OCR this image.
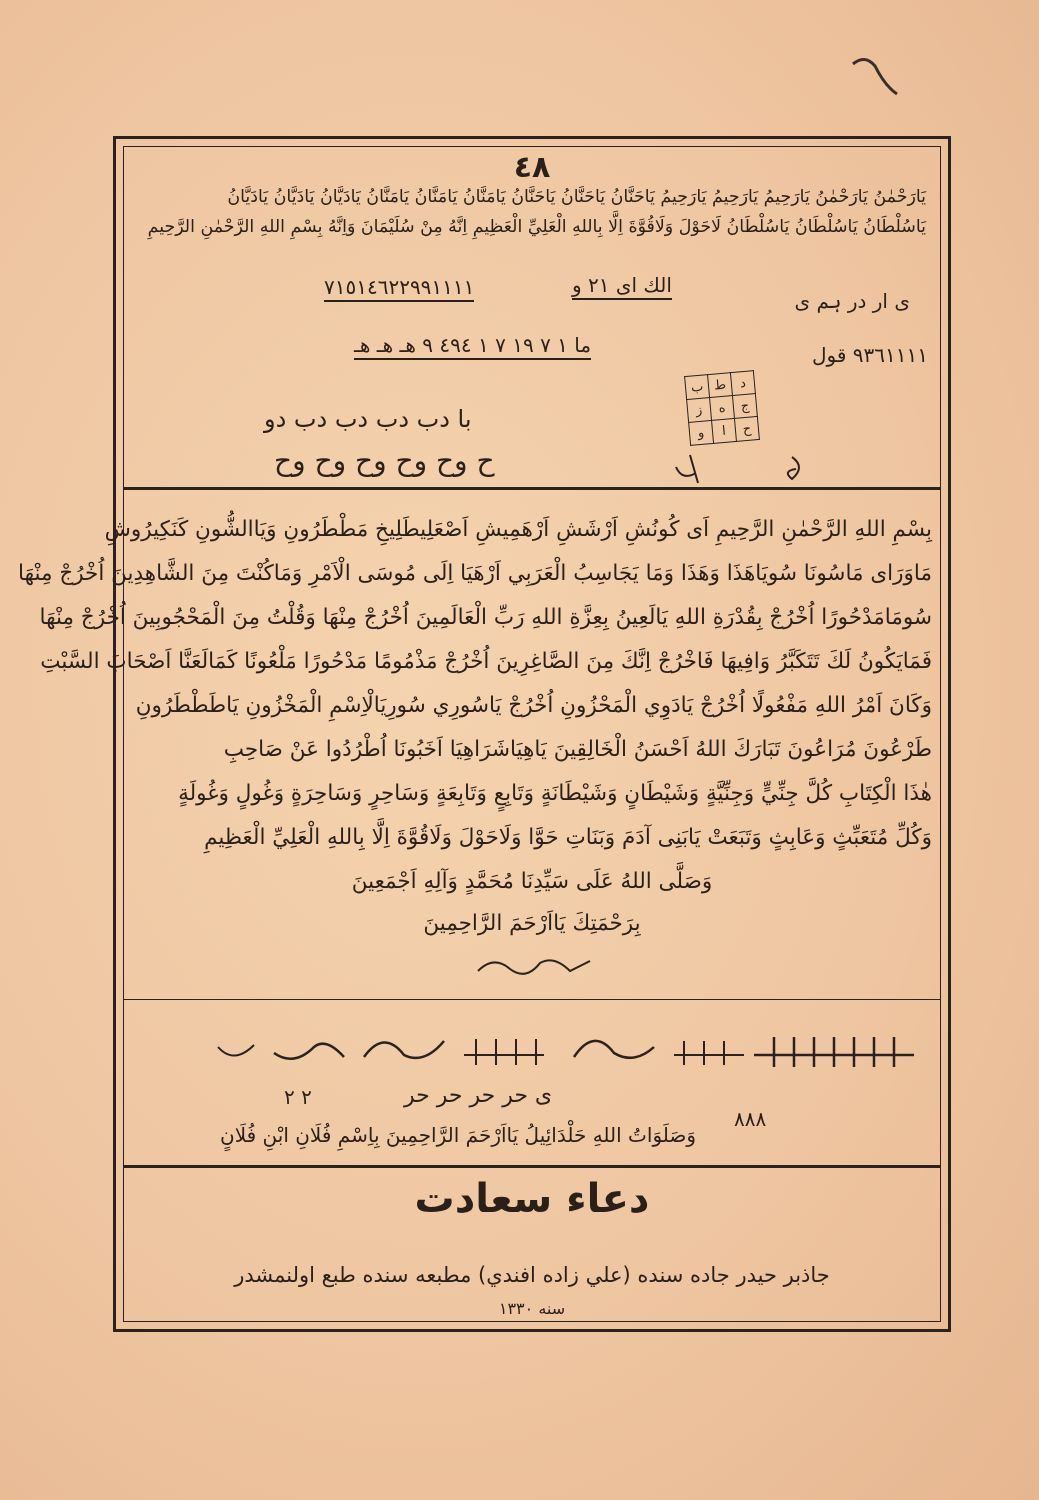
٤٨
يَارَحْمٰنُ يَارَحْمٰنُ يَارَحِيمُ يَارَحِيمُ يَارَحِيمُ يَاحَنَّانُ يَاحَنَّانُ يَاحَنَّانُ يَامَنَّانُ يَامَنَّانُ يَامَنَّانُ يَادَيَّانُ يَادَيَّانُ يَادَيَّانُ
يَاسُلْطَانُ يَاسُلْطَانُ يَاسُلْطَانُ لَاحَوْلَ وَلَاقُوَّةَ اِلَّا بِاللهِ الْعَلِيِّ الْعَظِيمِ اِنَّهُ مِنْ سُلَيْمَانَ وَاِنَّهُ بِسْمِ اللهِ الرَّحْمٰنِ الرَّحِيمِ
٧١٥١٤٦٢٢٩٩١١١١	الك اى ٢١ و
ى ار در ہم ى
ما ١ ٧ ١٩ ٧ ١ ٤٩٤ ٩ هـ هـ هـ	٩٣٦١١١١ قول
ب	ط	د
ز	ه	ج
و	ا	ح
با دب دب دب دب دو
ح وح وح وح وح وح
بِسْمِ اللهِ الرَّحْمٰنِ الرَّحِيمِ اَى كُونُشِ اَرْشَشِ اَرْهَمِيشِ اَصْعَلِيطَلِيخِ مَطْطَرُونِ وَيَاالشُّونِ كَنَكِيرُوشِ
مَاوَرَاى مَاسُونَا سُويَاهَذَا وَهَذَا وَمَا يَجَاسِبُ الْعَرَبِي اَرْهَيَا اِلَى مُوسَى الْاَمْرِ وَمَاكُنْتَ مِنَ الشَّاهِدِينَ اُخْرُجْ مِنْهَا
سُومَامَدْحُورًا اُخْرُجْ بِقُدْرَةِ اللهِ يَالَعِينُ بِعِزَّةِ اللهِ رَبِّ الْعَالَمِينَ اُخْرُجْ مِنْهَا وَقُلْتُ مِنَ الْمَحْجُوبِينَ اُخْرُجْ مِنْهَا
فَمَايَكُونُ لَكَ تَتَكَبَّرُ وَافِيهَا فَاخْرُجْ اِنَّكَ مِنَ الصَّاغِرِينَ اُخْرُجْ مَذْمُومًا مَدْحُورًا مَلْعُونًا كَمَالَعَنَّا اَصْحَابَ السَّبْتِ
وَكَانَ اَمْرُ اللهِ مَفْعُولًا اُخْرُجْ يَادَوِي الْمَحْزُونِ اُخْرُجْ يَاسُورِي سُورِيَالْاِسْمِ الْمَخْزُونِ يَاطَطْطَرُونِ
طَرْعُونَ مُرَاعُونَ تَبَارَكَ اللهُ اَحْسَنُ الْخَالِقِينَ يَاهِيَاشَرَاهِيَا اَخَبُونَا اُطْرُدُوا عَنْ صَاحِبِ
هٰذَا الْكِتَابِ كُلَّ جِنِّيٍّ وَجِنِّيَّةٍ وَشَيْطَانٍ وَشَيْطَانَةٍ وَتَابِعٍ وَتَابِعَةٍ وَسَاحِرٍ وَسَاحِرَةٍ وَغُولٍ وَغُولَةٍ
وَكُلِّ مُتَعَبِّثٍ وَعَابِثٍ وَتَبَعَتْ يَابَنِى آدَمَ وَبَنَاتِ حَوَّا وَلَاحَوْلَ وَلَاقُوَّةَ اِلَّا بِاللهِ الْعَلِيِّ الْعَظِيمِ
وَصَلَّى اللهُ عَلَى سَيِّدِنَا مُحَمَّدٍ وَآلِهِ اَجْمَعِينَ
بِرَحْمَتِكَ يَااَرْحَمَ الرَّاحِمِينَ
٢ ٢	ى حر حر حر حر
٨٨٨
وَصَلَوَاتُ اللهِ حَلْدَائِيلُ يَااَرْحَمَ الرَّاحِمِينَ بِاِسْمِ فُلَانِ ابْنِ فُلَانٍ
دعاء سعادت
جاذبر حيدر جاده سنده (علي زاده افندي) مطبعه سنده طبع اولنمشدر
سنه ١٣٣٠
